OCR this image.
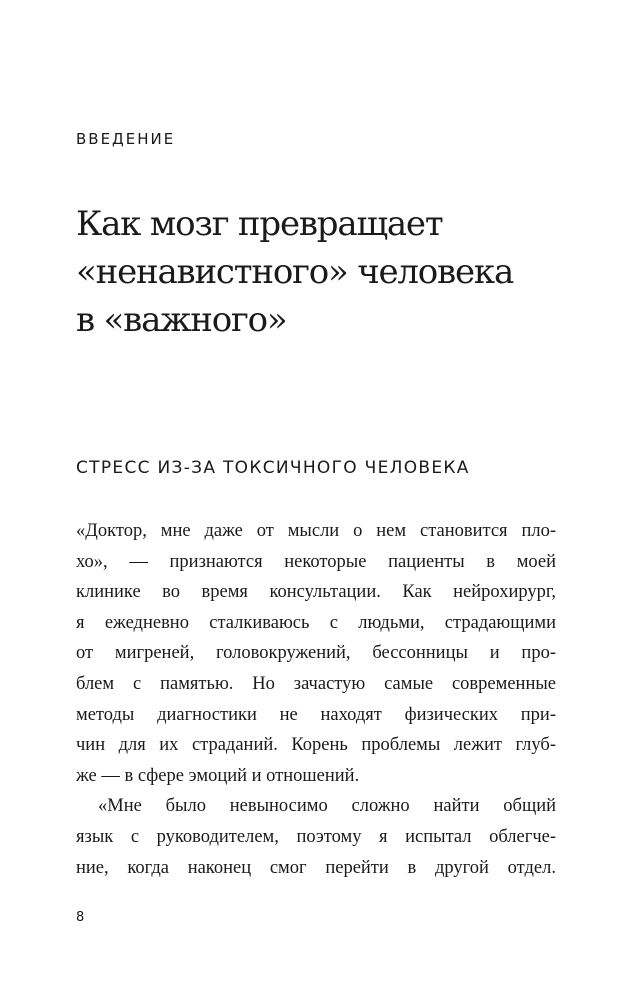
ВВЕДЕНИЕ
Как мозг превращает
«ненавистного» человека
в «важного»
СТРЕСС ИЗ-ЗА ТОКСИЧНОГО ЧЕЛОВЕКА
«Доктор, мне даже от мысли о нем становится пло-
хо», — признаются некоторые пациенты в моей
клинике во время консультации. Как нейрохирург,
я ежедневно сталкиваюсь с людьми, страдающими
от мигреней, головокружений, бессонницы и про-
блем с памятью. Но зачастую самые современные
методы диагностики не находят физических при-
чин для их страданий. Корень проблемы лежит глуб-
же — в сфере эмоций и отношений.
«Мне было невыносимо сложно найти общий
язык с руководителем, поэтому я испытал облегче-
ние, когда наконец смог перейти в другой отдел.
8
